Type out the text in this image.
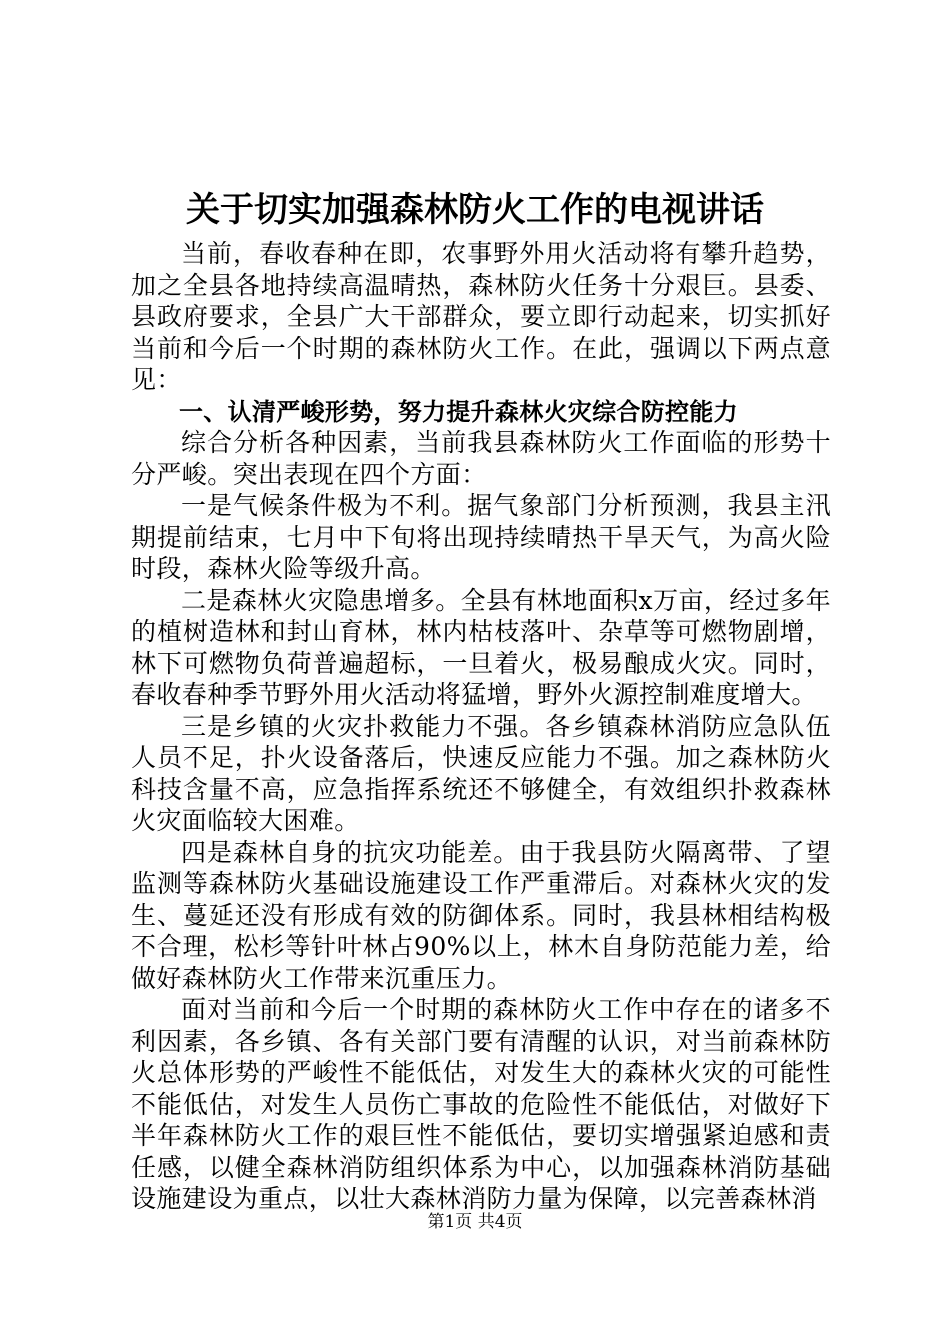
关于切实加强森林防火工作的电视讲话

当前，春收春种在即，农事野外用火活动将有攀升趋势，加之全县各地持续高温晴热，森林防火任务十分艰巨。县委、县政府要求，全县广大干部群众，要立即行动起来，切实抓好当前和今后一个时期的森林防火工作。在此，强调以下两点意见：

一、认清严峻形势，努力提升森林火灾综合防控能力

综合分析各种因素，当前我县森林防火工作面临的形势十分严峻。突出表现在四个方面：

一是气候条件极为不利。据气象部门分析预测，我县主汛期提前结束，七月中下旬将出现持续晴热干旱天气，为高火险时段，森林火险等级升高。

二是森林火灾隐患增多。全县有林地面积x万亩，经过多年的植树造林和封山育林，林内枯枝落叶、杂草等可燃物剧增，林下可燃物负荷普遍超标，一旦着火，极易酿成火灾。同时，春收春种季节野外用火活动将猛增，野外火源控制难度增大。

三是乡镇的火灾扑救能力不强。各乡镇森林消防应急队伍人员不足，扑火设备落后，快速反应能力不强。加之森林防火科技含量不高，应急指挥系统还不够健全，有效组织扑救森林火灾面临较大困难。

四是森林自身的抗灾功能差。由于我县防火隔离带、了望监测等森林防火基础设施建设工作严重滞后。对森林火灾的发生、蔓延还没有形成有效的防御体系。同时，我县林相结构极不合理，松杉等针叶林占90%以上，林木自身防范能力差，给做好森林防火工作带来沉重压力。

面对当前和今后一个时期的森林防火工作中存在的诸多不利因素，各乡镇、各有关部门要有清醒的认识，对当前森林防火总体形势的严峻性不能低估，对发生大的森林火灾的可能性不能低估，对发生人员伤亡事故的危险性不能低估，对做好下半年森林防火工作的艰巨性不能低估，要切实增强紧迫感和责任感，以健全森林消防组织体系为中心，以加强森林消防基础设施建设为重点，以壮大森林消防力量为保障，以完善森林消

第1页 共4页
